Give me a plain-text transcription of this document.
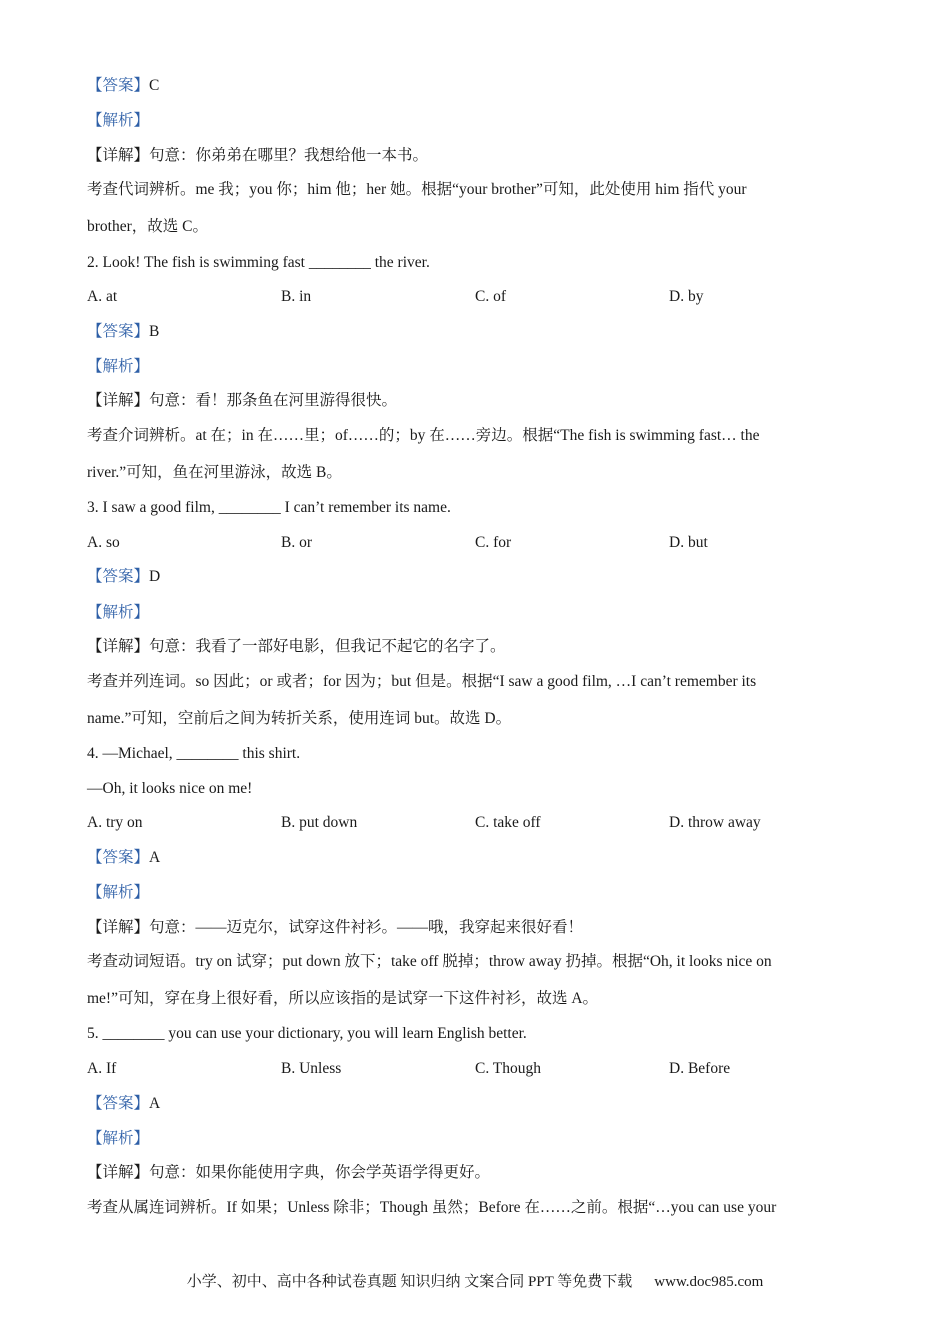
【答案】C
【解析】
【详解】句意：你弟弟在哪里？我想给他一本书。
考查代词辨析。me 我；you 你；him 他；her 她。根据“your brother”可知，此处使用 him 指代 your
brother，故选 C。
2. Look! The fish is swimming fast ________ the river.
A. at	B. in	C. of	D. by
【答案】B
【解析】
【详解】句意：看！那条鱼在河里游得很快。
考查介词辨析。at 在；in 在……里；of……的；by 在……旁边。根据“The fish is swimming fast… the
river.”可知，鱼在河里游泳，故选 B。
3. I saw a good film, ________ I can’t remember its name.
A. so	B. or	C. for	D. but
【答案】D
【解析】
【详解】句意：我看了一部好电影，但我记不起它的名字了。
考查并列连词。so 因此；or 或者；for 因为；but 但是。根据“I saw a good film, …I can’t remember its
name.”可知，空前后之间为转折关系，使用连词 but。故选 D。
4. —Michael, ________ this shirt.
—Oh, it looks nice on me!
A. try on	B. put down	C. take off	D. throw away
【答案】A
【解析】
【详解】句意：——迈克尔，试穿这件衬衫。——哦，我穿起来很好看！
考查动词短语。try on 试穿；put down 放下；take off 脱掉；throw away 扔掉。根据“Oh, it looks nice on
me!”可知，穿在身上很好看，所以应该指的是试穿一下这件衬衫，故选 A。
5. ________ you can use your dictionary, you will learn English better.
A. If	B. Unless	C. Though	D. Before
【答案】A
【解析】
【详解】句意：如果你能使用字典，你会学英语学得更好。
考查从属连词辨析。If 如果；Unless 除非；Though 虽然；Before 在……之前。根据“…you can use your
小学、初中、高中各种试卷真题 知识归纳 文案合同 PPT 等免费下载 www.doc985.com
